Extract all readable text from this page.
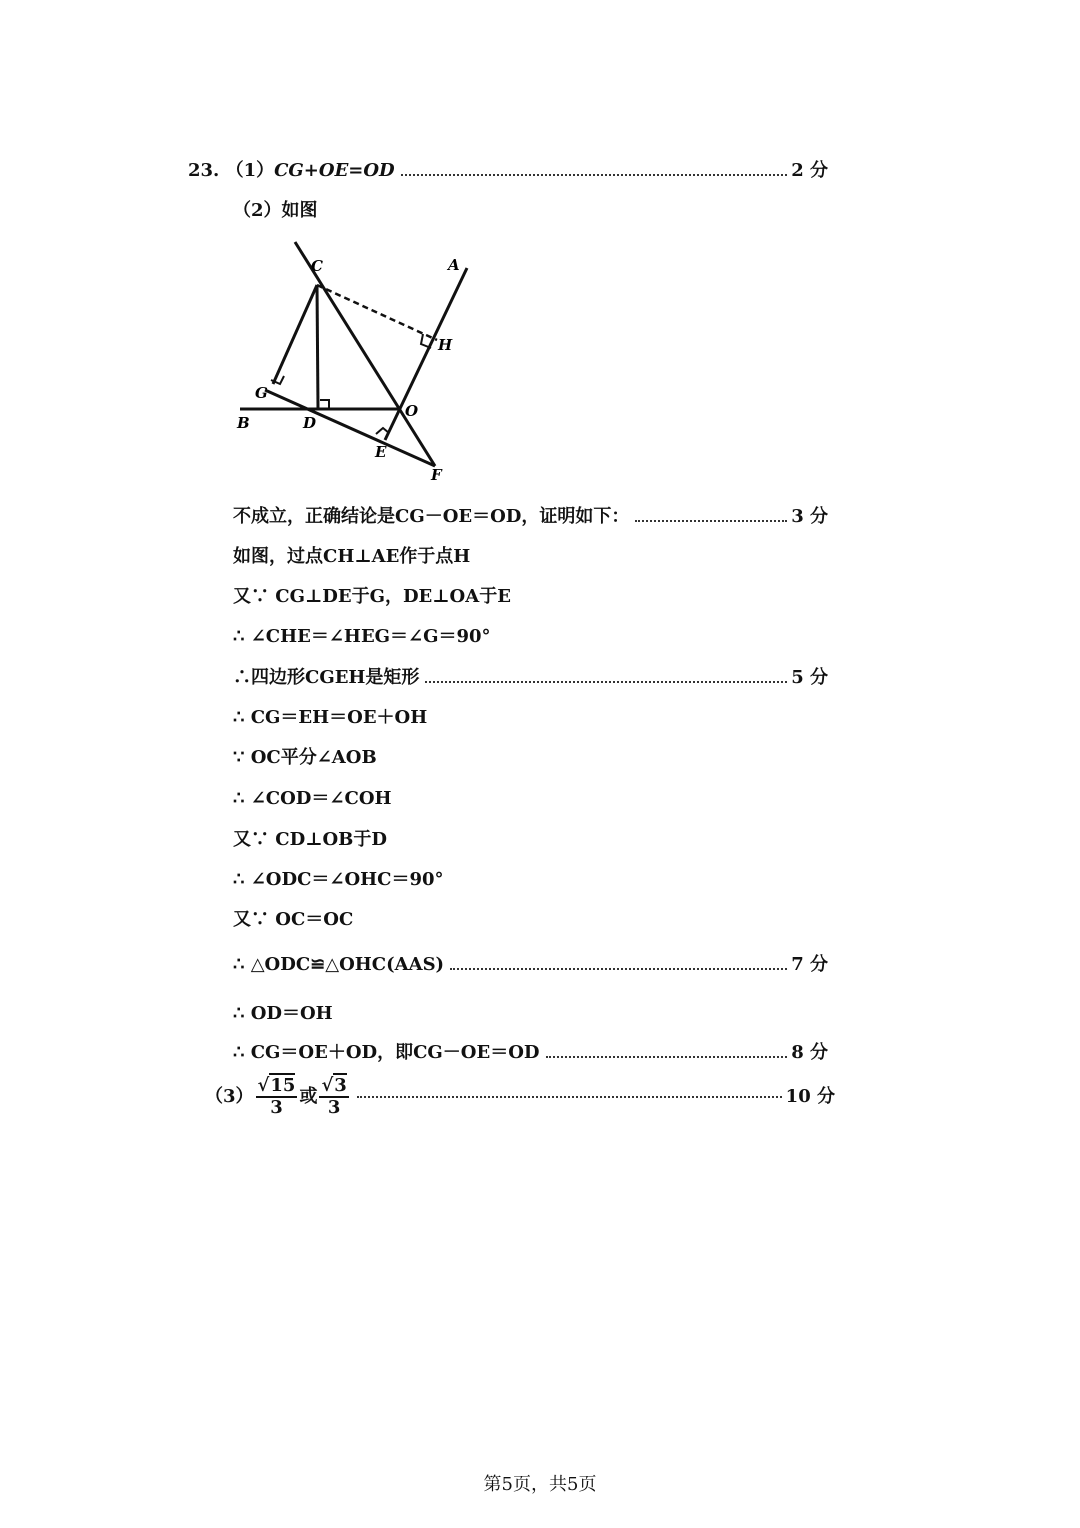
23. （1） CG+OE=OD	2 分
（2）如图
C	A
H
G
B	D
O
E
F
不成立，正确结论是CG－OE＝OD，证明如下：	3 分
如图，过点CH⊥AE作于点H
又∵ CG⊥DE于G，DE⊥OA于E
∴ ∠CHE＝∠HEG＝∠G＝90°
∴四边形CGEH是矩形	5 分
∴ CG＝EH＝OE＋OH
∵ OC平分∠AOB
∴ ∠COD＝∠COH
又∵ CD⊥OB于D
∴ ∠ODC＝∠OHC＝90°
又∵ OC＝OC
∴ △ODC≌△OHC(AAS)	7 分
∴ OD＝OH
∴ CG＝OE＋OD，即CG－OE＝OD	8 分
$(3) \frac{√15}{3}$ 或 $\frac{√3}{3}$	10 分
第5页，共5页
